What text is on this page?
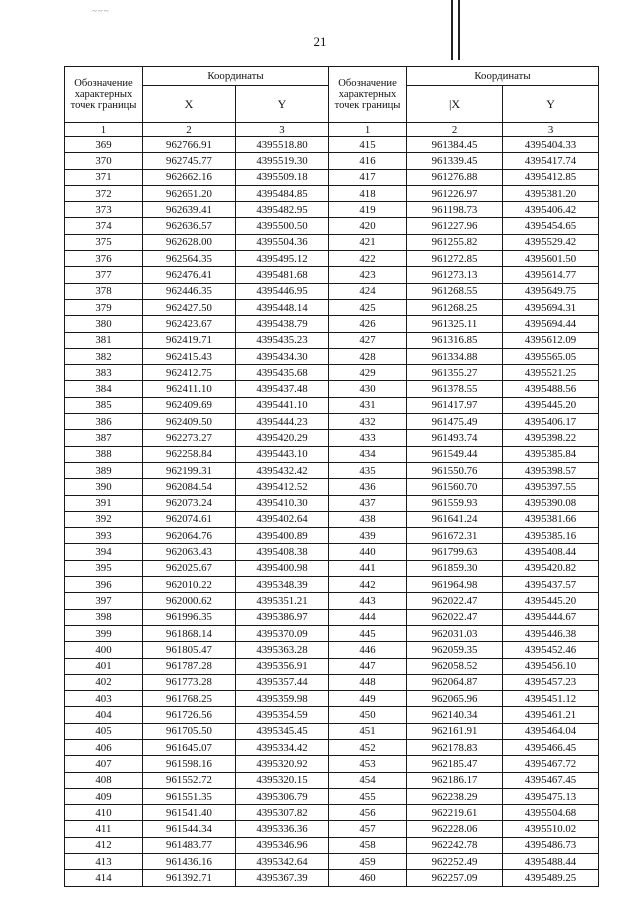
~~~
21
Обозначение характерных точек границы	Координаты		Обозначение характерных точек границы	Координаты	
	X	Y		|X	Y
1	2	3	1	2	3
369	962766.91	4395518.80	415	961384.45	4395404.33
370	962745.77	4395519.30	416	961339.45	4395417.74
371	962662.16	4395509.18	417	961276.88	4395412.85
372	962651.20	4395484.85	418	961226.97	4395381.20
373	962639.41	4395482.95	419	961198.73	4395406.42
374	962636.57	4395500.50	420	961227.96	4395454.65
375	962628.00	4395504.36	421	961255.82	4395529.42
376	962564.35	4395495.12	422	961272.85	4395601.50
377	962476.41	4395481.68	423	961273.13	4395614.77
378	962446.35	4395446.95	424	961268.55	4395649.75
379	962427.50	4395448.14	425	961268.25	4395694.31
380	962423.67	4395438.79	426	961325.11	4395694.44
381	962419.71	4395435.23	427	961316.85	4395612.09
382	962415.43	4395434.30	428	961334.88	4395565.05
383	962412.75	4395435.68	429	961355.27	4395521.25
384	962411.10	4395437.48	430	961378.55	4395488.56
385	962409.69	4395441.10	431	961417.97	4395445.20
386	962409.50	4395444.23	432	961475.49	4395406.17
387	962273.27	4395420.29	433	961493.74	4395398.22
388	962258.84	4395443.10	434	961549.44	4395385.84
389	962199.31	4395432.42	435	961550.76	4395398.57
390	962084.54	4395412.52	436	961560.70	4395397.55
391	962073.24	4395410.30	437	961559.93	4395390.08
392	962074.61	4395402.64	438	961641.24	4395381.66
393	962064.76	4395400.89	439	961672.31	4395385.16
394	962063.43	4395408.38	440	961799.63	4395408.44
395	962025.67	4395400.98	441	961859.30	4395420.82
396	962010.22	4395348.39	442	961964.98	4395437.57
397	962000.62	4395351.21	443	962022.47	4395445.20
398	961996.35	4395386.97	444	962022.47	4395444.67
399	961868.14	4395370.09	445	962031.03	4395446.38
400	961805.47	4395363.28	446	962059.35	4395452.46
401	961787.28	4395356.91	447	962058.52	4395456.10
402	961773.28	4395357.44	448	962064.87	4395457.23
403	961768.25	4395359.98	449	962065.96	4395451.12
404	961726.56	4395354.59	450	962140.34	4395461.21
405	961705.50	4395345.45	451	962161.91	4395464.04
406	961645.07	4395334.42	452	962178.83	4395466.45
407	961598.16	4395320.92	453	962185.47	4395467.72
408	961552.72	4395320.15	454	962186.17	4395467.45
409	961551.35	4395306.79	455	962238.29	4395475.13
410	961541.40	4395307.82	456	962219.61	4395504.68
411	961544.34	4395336.36	457	962228.06	4395510.02
412	961483.77	4395346.96	458	962242.78	4395486.73
413	961436.16	4395342.64	459	962252.49	4395488.44
414	961392.71	4395367.39	460	962257.09	4395489.25
